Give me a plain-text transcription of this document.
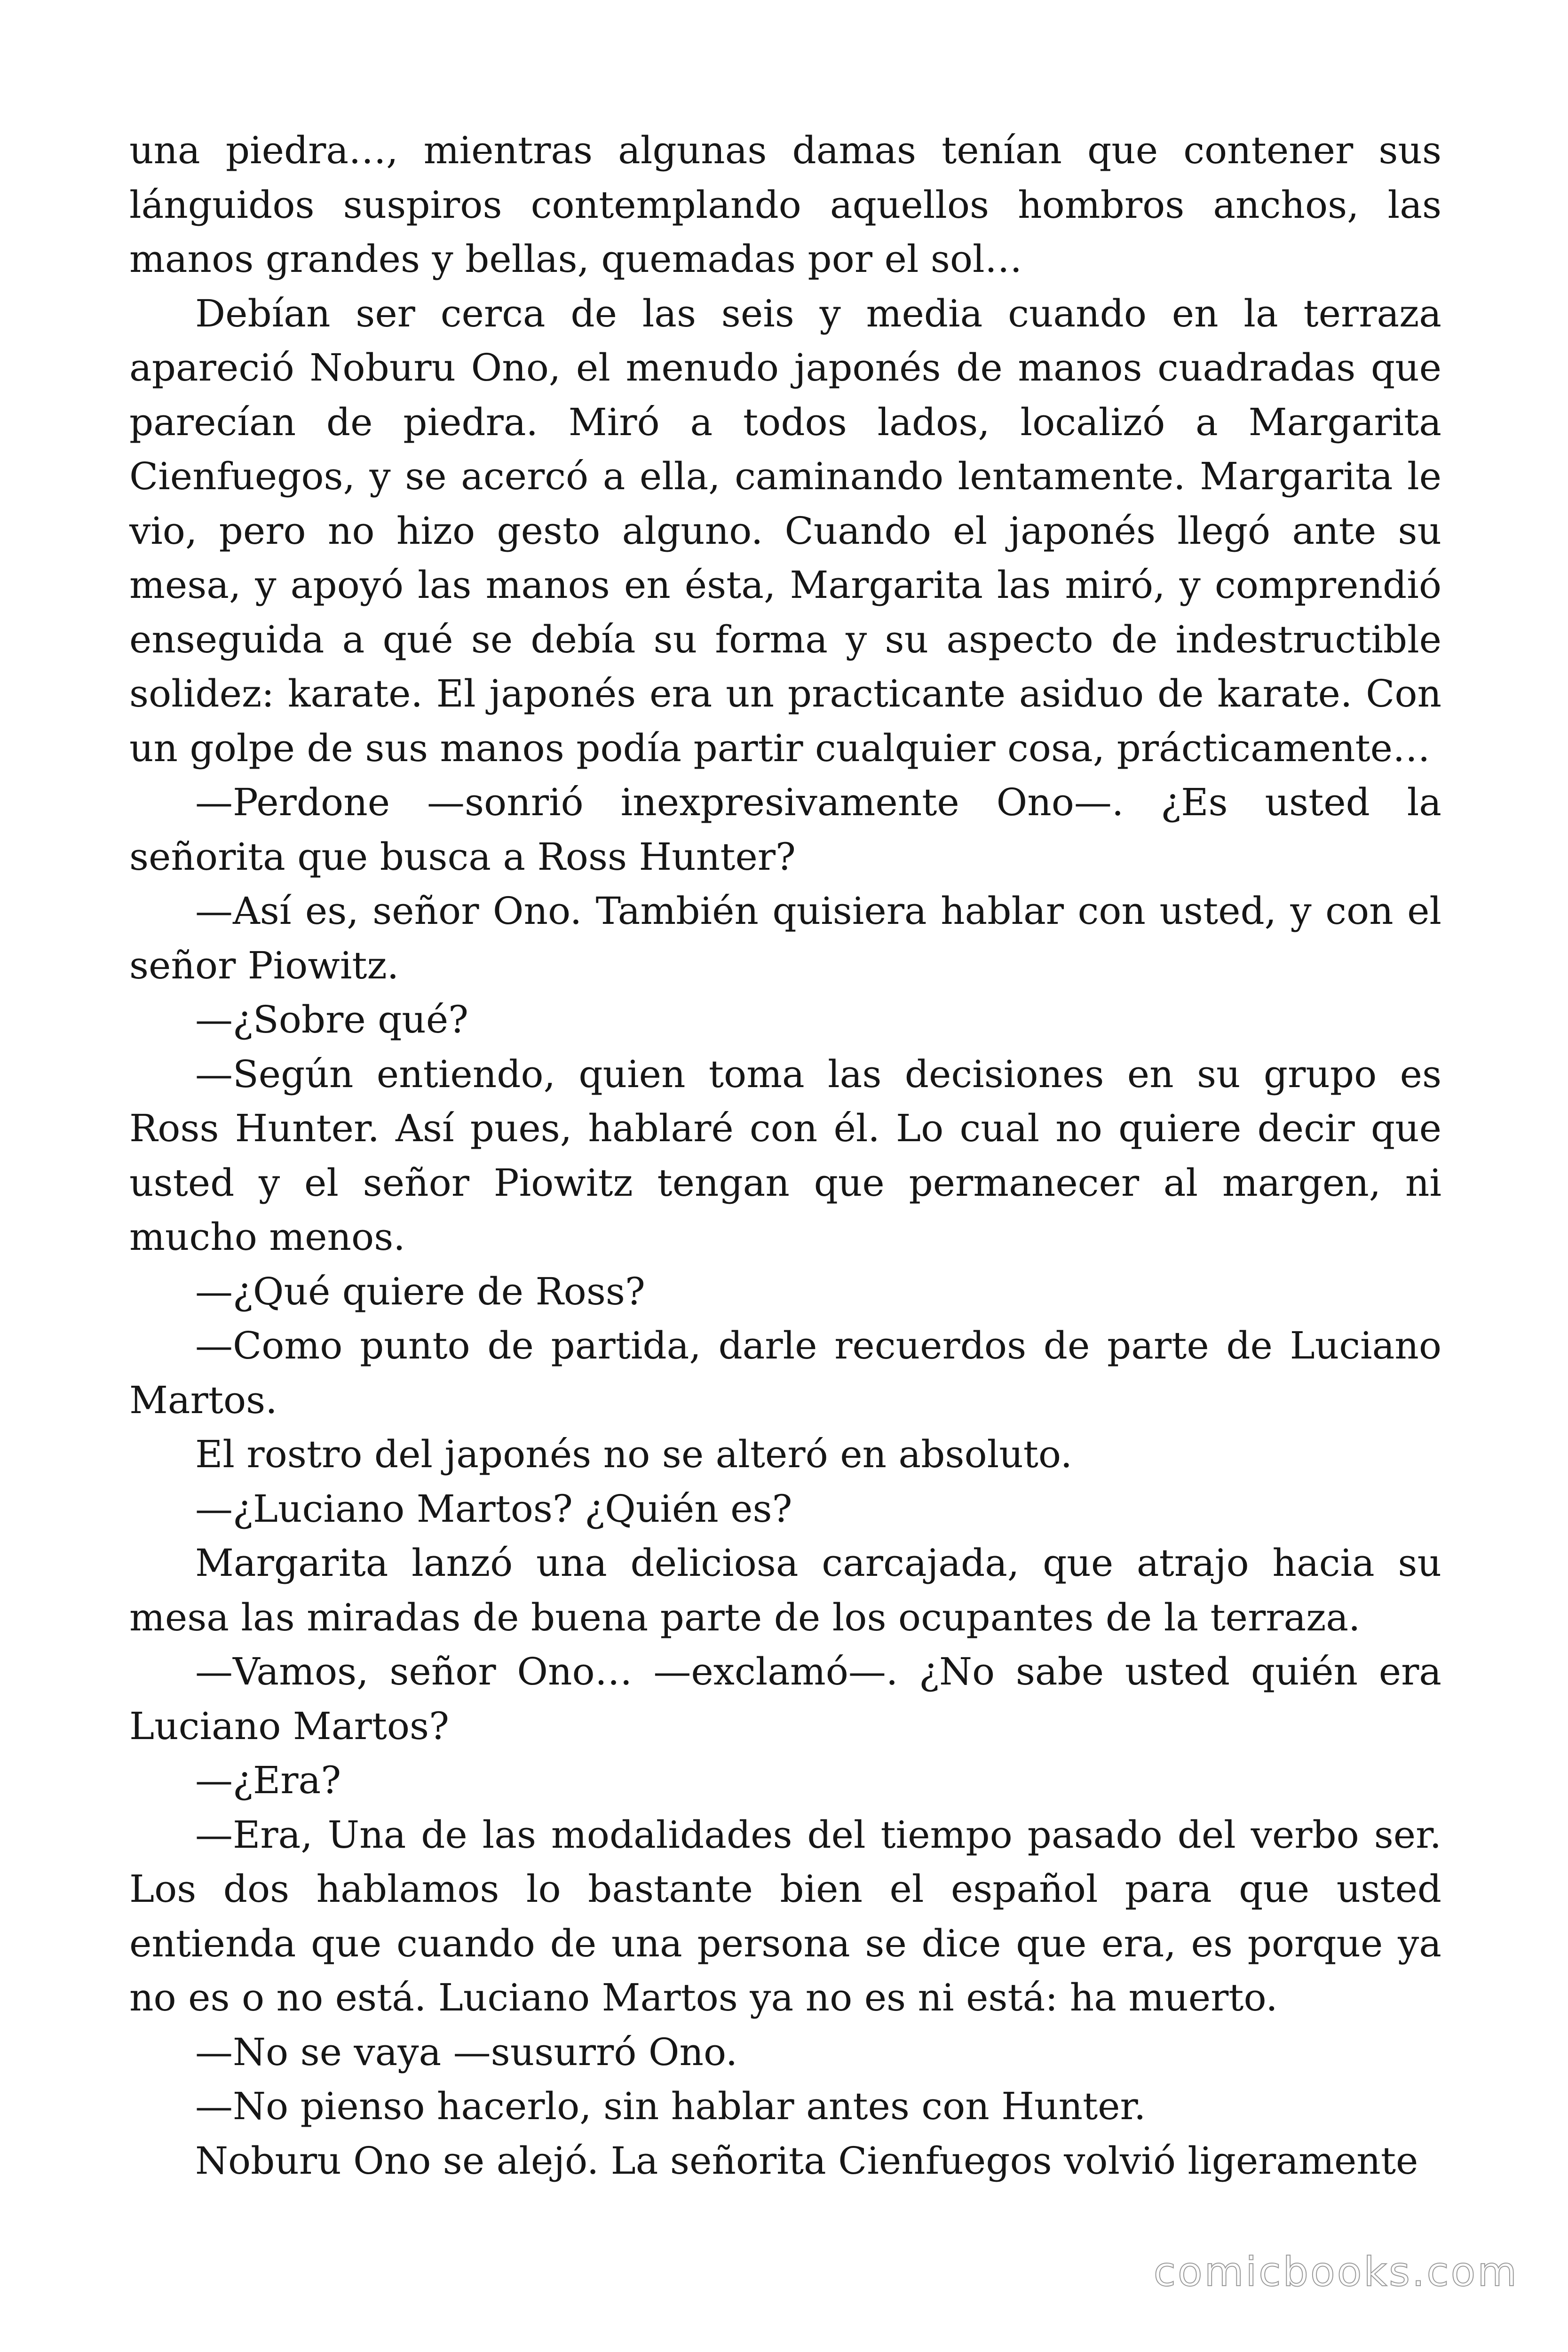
una piedra…, mientras algunas damas tenían que contener sus lánguidos suspiros contemplando aquellos hombros anchos, las manos grandes y bellas, quemadas por el sol…

Debían ser cerca de las seis y media cuando en la terraza apareció Noburu Ono, el menudo japonés de manos cuadradas que parecían de piedra. Miró a todos lados, localizó a Margarita Cienfuegos, y se acercó a ella, caminando lentamente. Margarita le vio, pero no hizo gesto alguno. Cuando el japonés llegó ante su mesa, y apoyó las manos en ésta, Margarita las miró, y comprendió enseguida a qué se debía su forma y su aspecto de indestructible solidez: karate. El japonés era un practicante asiduo de karate. Con un golpe de sus manos podía partir cualquier cosa, prácticamente…

—Perdone —sonrió inexpresivamente Ono—. ¿Es usted la señorita que busca a Ross Hunter?

—Así es, señor Ono. También quisiera hablar con usted, y con el señor Piowitz.

—¿Sobre qué?

—Según entiendo, quien toma las decisiones en su grupo es Ross Hunter. Así pues, hablaré con él. Lo cual no quiere decir que usted y el señor Piowitz tengan que permanecer al margen, ni mucho menos.

—¿Qué quiere de Ross?

—Como punto de partida, darle recuerdos de parte de Luciano Martos.

El rostro del japonés no se alteró en absoluto.

—¿Luciano Martos? ¿Quién es?

Margarita lanzó una deliciosa carcajada, que atrajo hacia su mesa las miradas de buena parte de los ocupantes de la terraza.

—Vamos, señor Ono… —exclamó—. ¿No sabe usted quién era Luciano Martos?

—¿Era?

—Era, Una de las modalidades del tiempo pasado del verbo ser. Los dos hablamos lo bastante bien el español para que usted entienda que cuando de una persona se dice que era, es porque ya no es o no está. Luciano Martos ya no es ni está: ha muerto.

—No se vaya —susurró Ono.

—No pienso hacerlo, sin hablar antes con Hunter.

Noburu Ono se alejó. La señorita Cienfuegos volvió ligeramente

comicbooks.com
